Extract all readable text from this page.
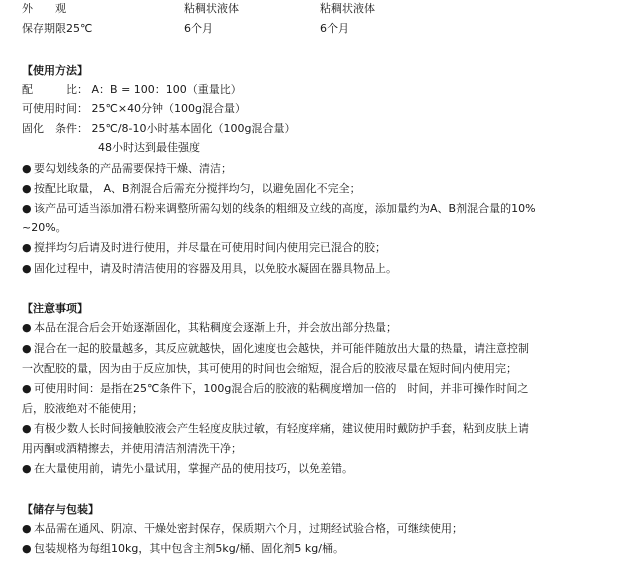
外　　观	粘稠状液体	粘稠状液体
保存期限25℃	6个月	6个月
【使用方法】
配　　　比： A：B = 100：100（重量比）
可使用时间： 25℃×40分钟（100g混合量）
固化　条件： 25℃/8-10小时基本固化（100g混合量）
48小时达到最佳强度
● 要勾划线条的产品需要保持干燥、清洁；
● 按配比取量， A、B剂混合后需充分搅拌均匀，以避免固化不完全；
● 该产品可适当添加滑石粉来调整所需勾划的线条的粗细及立线的高度，添加量约为A、B剂混合量的10%
~20%。
● 搅拌均匀后请及时进行使用，并尽量在可使用时间内使用完已混合的胶；
● 固化过程中，请及时清洁使用的容器及用具，以免胶水凝固在器具物品上。
【注意事项】
● 本品在混合后会开始逐渐固化，其粘稠度会逐渐上升，并会放出部分热量；
● 混合在一起的胶量越多，其反应就越快，固化速度也会越快，并可能伴随放出大量的热量，请注意控制
一次配胶的量，因为由于反应加快，其可使用的时间也会缩短，混合后的胶液尽量在短时间内使用完；
● 可使用时间：是指在25℃条件下，100g混合后的胶液的粘稠度增加一倍的　时间，并非可操作时间之
后，胶液绝对不能使用；
● 有极少数人长时间接触胶液会产生轻度皮肤过敏，有轻度痒痛，建议使用时戴防护手套，粘到皮肤上请
用丙酮或酒精擦去，并使用清洁剂清洗干净；
● 在大量使用前，请先小量试用，掌握产品的使用技巧，以免差错。
【储存与包装】
● 本品需在通风、阴凉、干燥处密封保存，保质期六个月，过期经试验合格，可继续使用；
● 包装规格为每组10kg，其中包含主剂5kg/桶、固化剂5 kg/桶。
